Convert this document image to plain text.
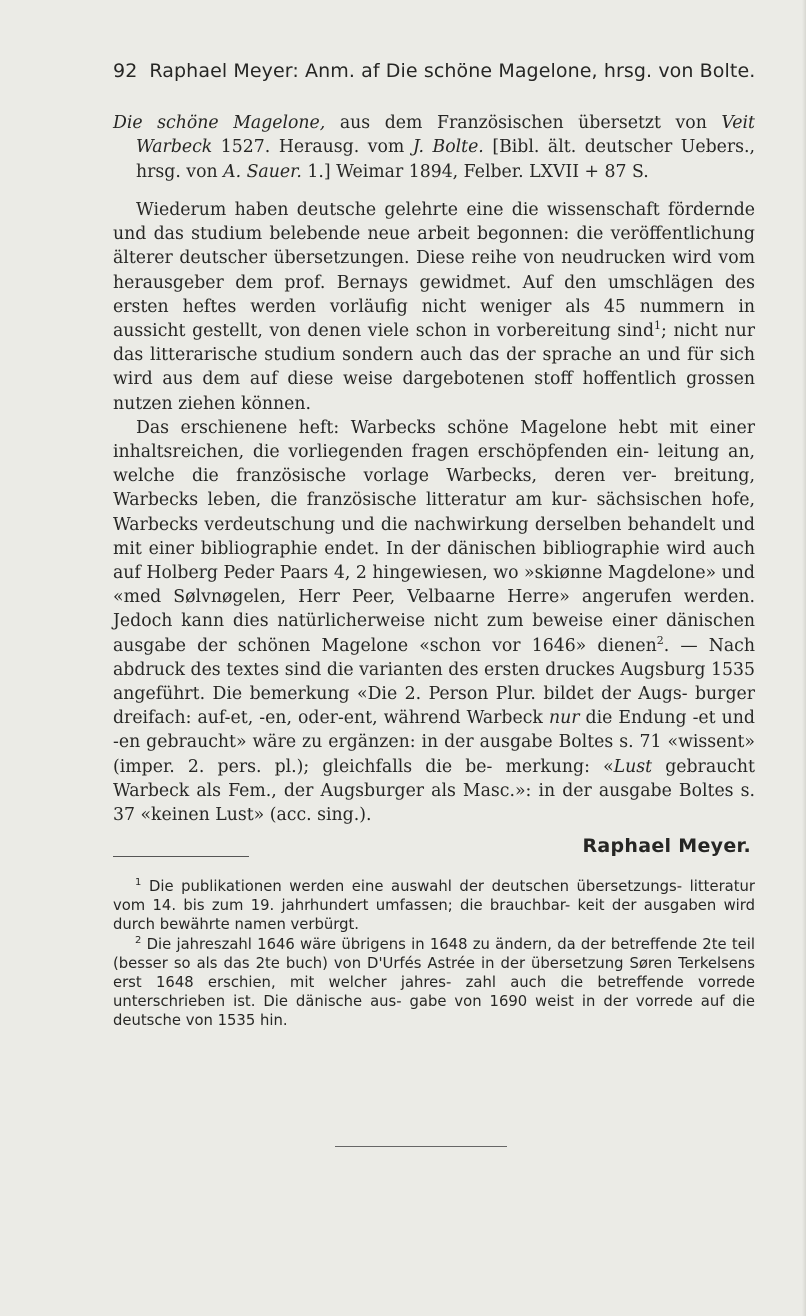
92 Raphael Meyer: Anm. af Die schöne Magelone, hrsg. von Bolte.

Die schöne Magelone, aus dem Französischen übersetzt von Veit Warbeck 1527. Herausg. vom J. Bolte. [Bibl. ält. deutscher Uebers., hrsg. von A. Sauer. 1.] Weimar 1894, Felber. LXVII + 87 S.

Wiederum haben deutsche gelehrte eine die wissenschaft fördernde und das studium belebende neue arbeit begonnen: die veröffentlichung älterer deutscher übersetzungen. Diese reihe von neudrucken wird vom herausgeber dem prof. Bernays gewidmet. Auf den umschlägen des ersten heftes werden vorläufig nicht weniger als 45 nummern in aussicht gestellt, von denen viele schon in vorbereitung sind$^1$; nicht nur das litterarische studium sondern auch das der sprache an und für sich wird aus dem auf diese weise dargebotenen stoff hoffentlich grossen nutzen ziehen können.

Das erschienene heft: Warbecks schöne Magelone hebt mit einer inhaltsreichen, die vorliegenden fragen erschöpfenden ein- leitung an, welche die französische vorlage Warbecks, deren ver- breitung, Warbecks leben, die französische litteratur am kur- sächsischen hofe, Warbecks verdeutschung und die nachwirkung derselben behandelt und mit einer bibliographie endet. In der dänischen bibliographie wird auch auf Holberg Peder Paars 4, 2 hingewiesen, wo »skiønne Magdelone» und «med Sølvnøgelen, Herr Peer, Velbaarne Herre» angerufen werden. Jedoch kann dies natürlicherweise nicht zum beweise einer dänischen ausgabe der schönen Magelone «schon vor 1646» dienen$^2$. — Nach abdruck des textes sind die varianten des ersten druckes Augsburg 1535 angeführt. Die bemerkung «Die 2. Person Plur. bildet der Augs- burger dreifach: auf-et, -en, oder-ent, während Warbeck nur die Endung -et und -en gebraucht» wäre zu ergänzen: in der ausgabe Boltes s. 71 «wissent» (imper. 2. pers. pl.); gleichfalls die be- merkung: «Lust gebraucht Warbeck als Fem., der Augsburger als Masc.»: in der ausgabe Boltes s. 37 «keinen Lust» (acc. sing.).

Raphael Meyer.

$^1$ Die publikationen werden eine auswahl der deutschen übersetzungs- litteratur vom 14. bis zum 19. jahrhundert umfassen; die brauchbar- keit der ausgaben wird durch bewährte namen verbürgt.

$^2$ Die jahreszahl 1646 wäre übrigens in 1648 zu ändern, da der betreffende 2te teil (besser so als das 2te buch) von D'Urfés Astrée in der übersetzung Søren Terkelsens erst 1648 erschien, mit welcher jahres- zahl auch die betreffende vorrede unterschrieben ist. Die dänische aus- gabe von 1690 weist in der vorrede auf die deutsche von 1535 hin.
